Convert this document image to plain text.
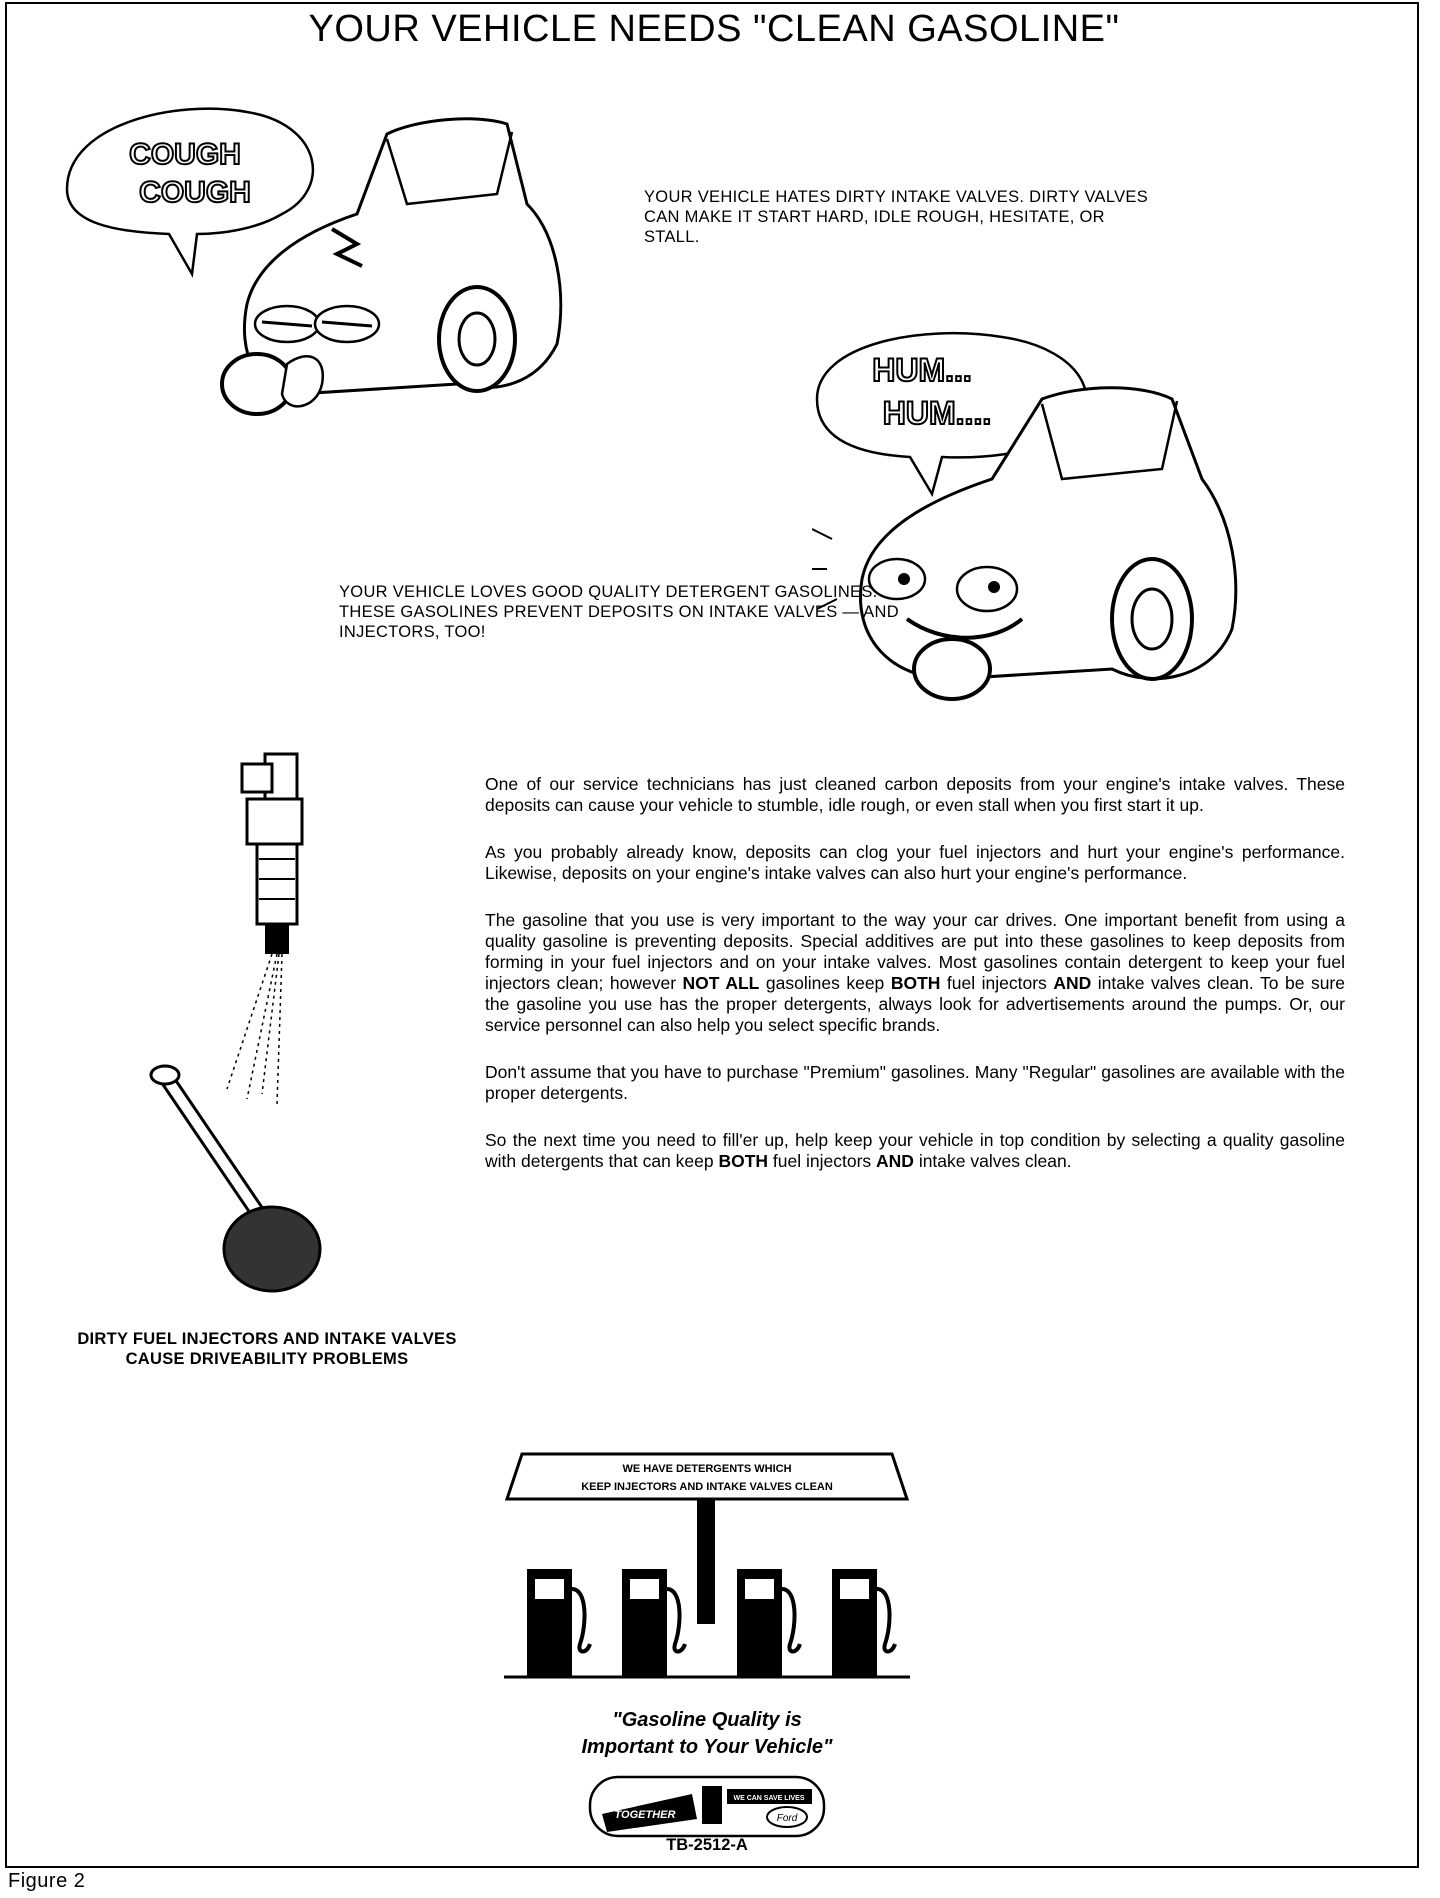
YOUR VEHICLE NEEDS "CLEAN GASOLINE"
COUGH
COUGH	YOUR VEHICLE HATES DIRTY INTAKE VALVES. DIRTY VALVES CAN MAKE IT START HARD, IDLE ROUGH, HESITATE, OR STALL.
HUM...
HUM....
YOUR VEHICLE LOVES GOOD QUALITY DETERGENT GASOLINES. THESE GASOLINES PREVENT DEPOSITS ON INTAKE VALVES — AND INJECTORS, TOO!
DIRTY FUEL INJECTORS AND INTAKE VALVES CAUSE DRIVEABILITY PROBLEMS

One of our service technicians has just cleaned carbon deposits from your engine's intake valves. These deposits can cause your vehicle to stumble, idle rough, or even stall when you first start it up.

As you probably already know, deposits can clog your fuel injectors and hurt your engine's performance. Likewise, deposits on your engine's intake valves can also hurt your engine's performance.

The gasoline that you use is very important to the way your car drives. One important benefit from using a quality gasoline is preventing deposits. Special additives are put into these gasolines to keep deposits from forming in your fuel injectors and on your intake valves. Most gasolines contain detergent to keep your fuel injectors clean; however NOT ALL gasolines keep BOTH fuel injectors AND intake valves clean. To be sure the gasoline you use has the proper detergents, always look for advertisements around the pumps. Or, our service personnel can also help you select specific brands.

Don't assume that you have to purchase "Premium" gasolines. Many "Regular" gasolines are available with the proper detergents.

So the next time you need to fill'er up, help keep your vehicle in top condition by selecting a quality gasoline with detergents that can keep BOTH fuel injectors AND intake valves clean.

WE HAVE DETERGENTS WHICH
KEEP INJECTORS AND INTAKE VALVES CLEAN
"Gasoline Quality is
Important to Your Vehicle"
TOGETHER
WE CAN SAVE LIVES
Ford
TB-2512-A
Figure 2
